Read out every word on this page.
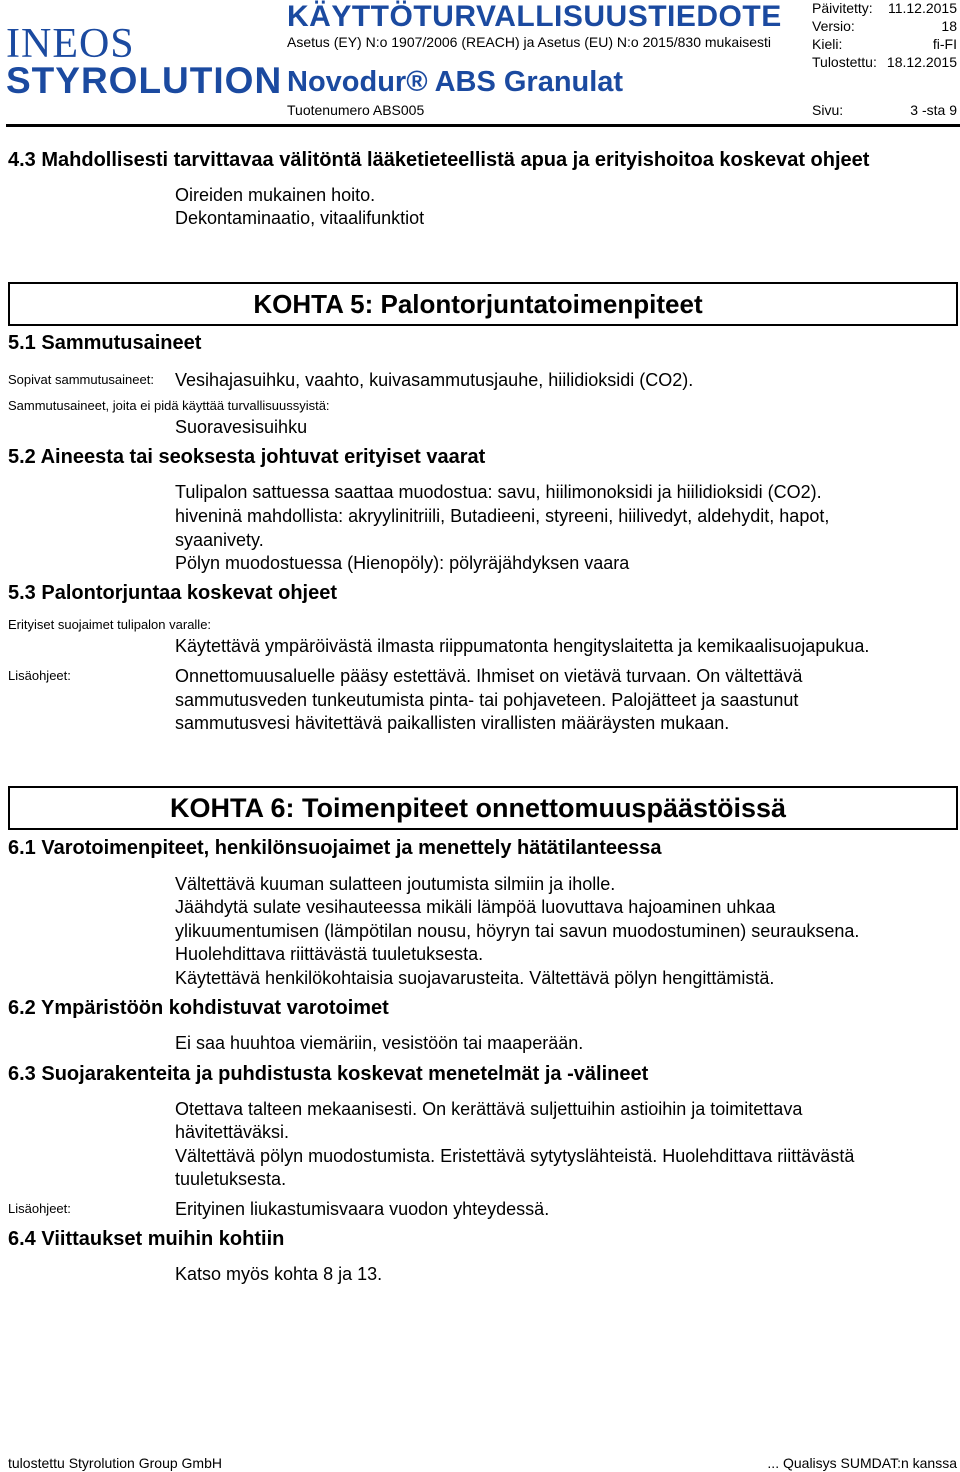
INEOS
STYROLUTION
KÄYTTÖTURVALLISUUSTIEDOTE
Asetus (EY) N:o 1907/2006 (REACH) ja Asetus (EU) N:o 2015/830 mukaisesti
Novodur® ABS Granulat
Tuotenumero ABS005
Päivitetty: 11.12.2015
Versio:	18
Kieli:	fi-FI
Tulostettu: 18.12.2015
Sivu:	3 -sta 9
4.3 Mahdollisesti tarvittavaa välitöntä lääketieteellistä apua ja erityishoitoa koskevat ohjeet
Oireiden mukainen hoito.
Dekontaminaatio, vitaalifunktiot
KOHTA 5: Palontorjuntatoimenpiteet
5.1 Sammutusaineet
Sopivat sammutusaineet: Vesihajasuihku, vaahto, kuivasammutusjauhe, hiilidioksidi (CO2).
Sammutusaineet, joita ei pidä käyttää turvallisuussyistä:
Suoravesisuihku
5.2 Aineesta tai seoksesta johtuvat erityiset vaarat
Tulipalon sattuessa saattaa muodostua: savu, hiilimonoksidi ja hiilidioksidi (CO2).
hiveninä mahdollista: akryylinitriili, Butadieeni, styreeni, hiilivedyt, aldehydit, hapot,
syaanivety.
Pölyn muodostuessa (Hienopöly): pölyräjähdyksen vaara
5.3 Palontorjuntaa koskevat ohjeet
Erityiset suojaimet tulipalon varalle:
Käytettävä ympäröivästä ilmasta riippumatonta hengityslaitetta ja kemikaalisuojapukua.
Lisäohjeet:	Onnettomuusaluelle pääsy estettävä. Ihmiset on vietävä turvaan. On vältettävä
sammutusveden tunkeutumista pinta- tai pohjaveteen. Palojätteet ja saastunut
sammutusvesi hävitettävä paikallisten virallisten määräysten mukaan.
KOHTA 6: Toimenpiteet onnettomuuspäästöissä
6.1 Varotoimenpiteet, henkilönsuojaimet ja menettely hätätilanteessa
Vältettävä kuuman sulatteen joutumista silmiin ja iholle.
Jäähdytä sulate vesihauteessa mikäli lämpöä luovuttava hajoaminen uhkaa
ylikuumentumisen (lämpötilan nousu, höyryn tai savun muodostuminen) seurauksena.
Huolehdittava riittävästä tuuletuksesta.
Käytettävä henkilökohtaisia suojavarusteita. Vältettävä pölyn hengittämistä.
6.2 Ympäristöön kohdistuvat varotoimet
Ei saa huuhtoa viemäriin, vesistöön tai maaperään.
6.3 Suojarakenteita ja puhdistusta koskevat menetelmät ja -välineet
Otettava talteen mekaanisesti. On kerättävä suljettuihin astioihin ja toimitettava
hävitettäväksi.
Vältettävä pölyn muodostumista. Eristettävä sytytyslähteistä. Huolehdittava riittävästä
tuuletuksesta.
Lisäohjeet:	Erityinen liukastumisvaara vuodon yhteydessä.
6.4 Viittaukset muihin kohtiin
Katso myös kohta 8 ja 13.
tulostettu Styrolution Group GmbH	... Qualisys SUMDAT:n kanssa
